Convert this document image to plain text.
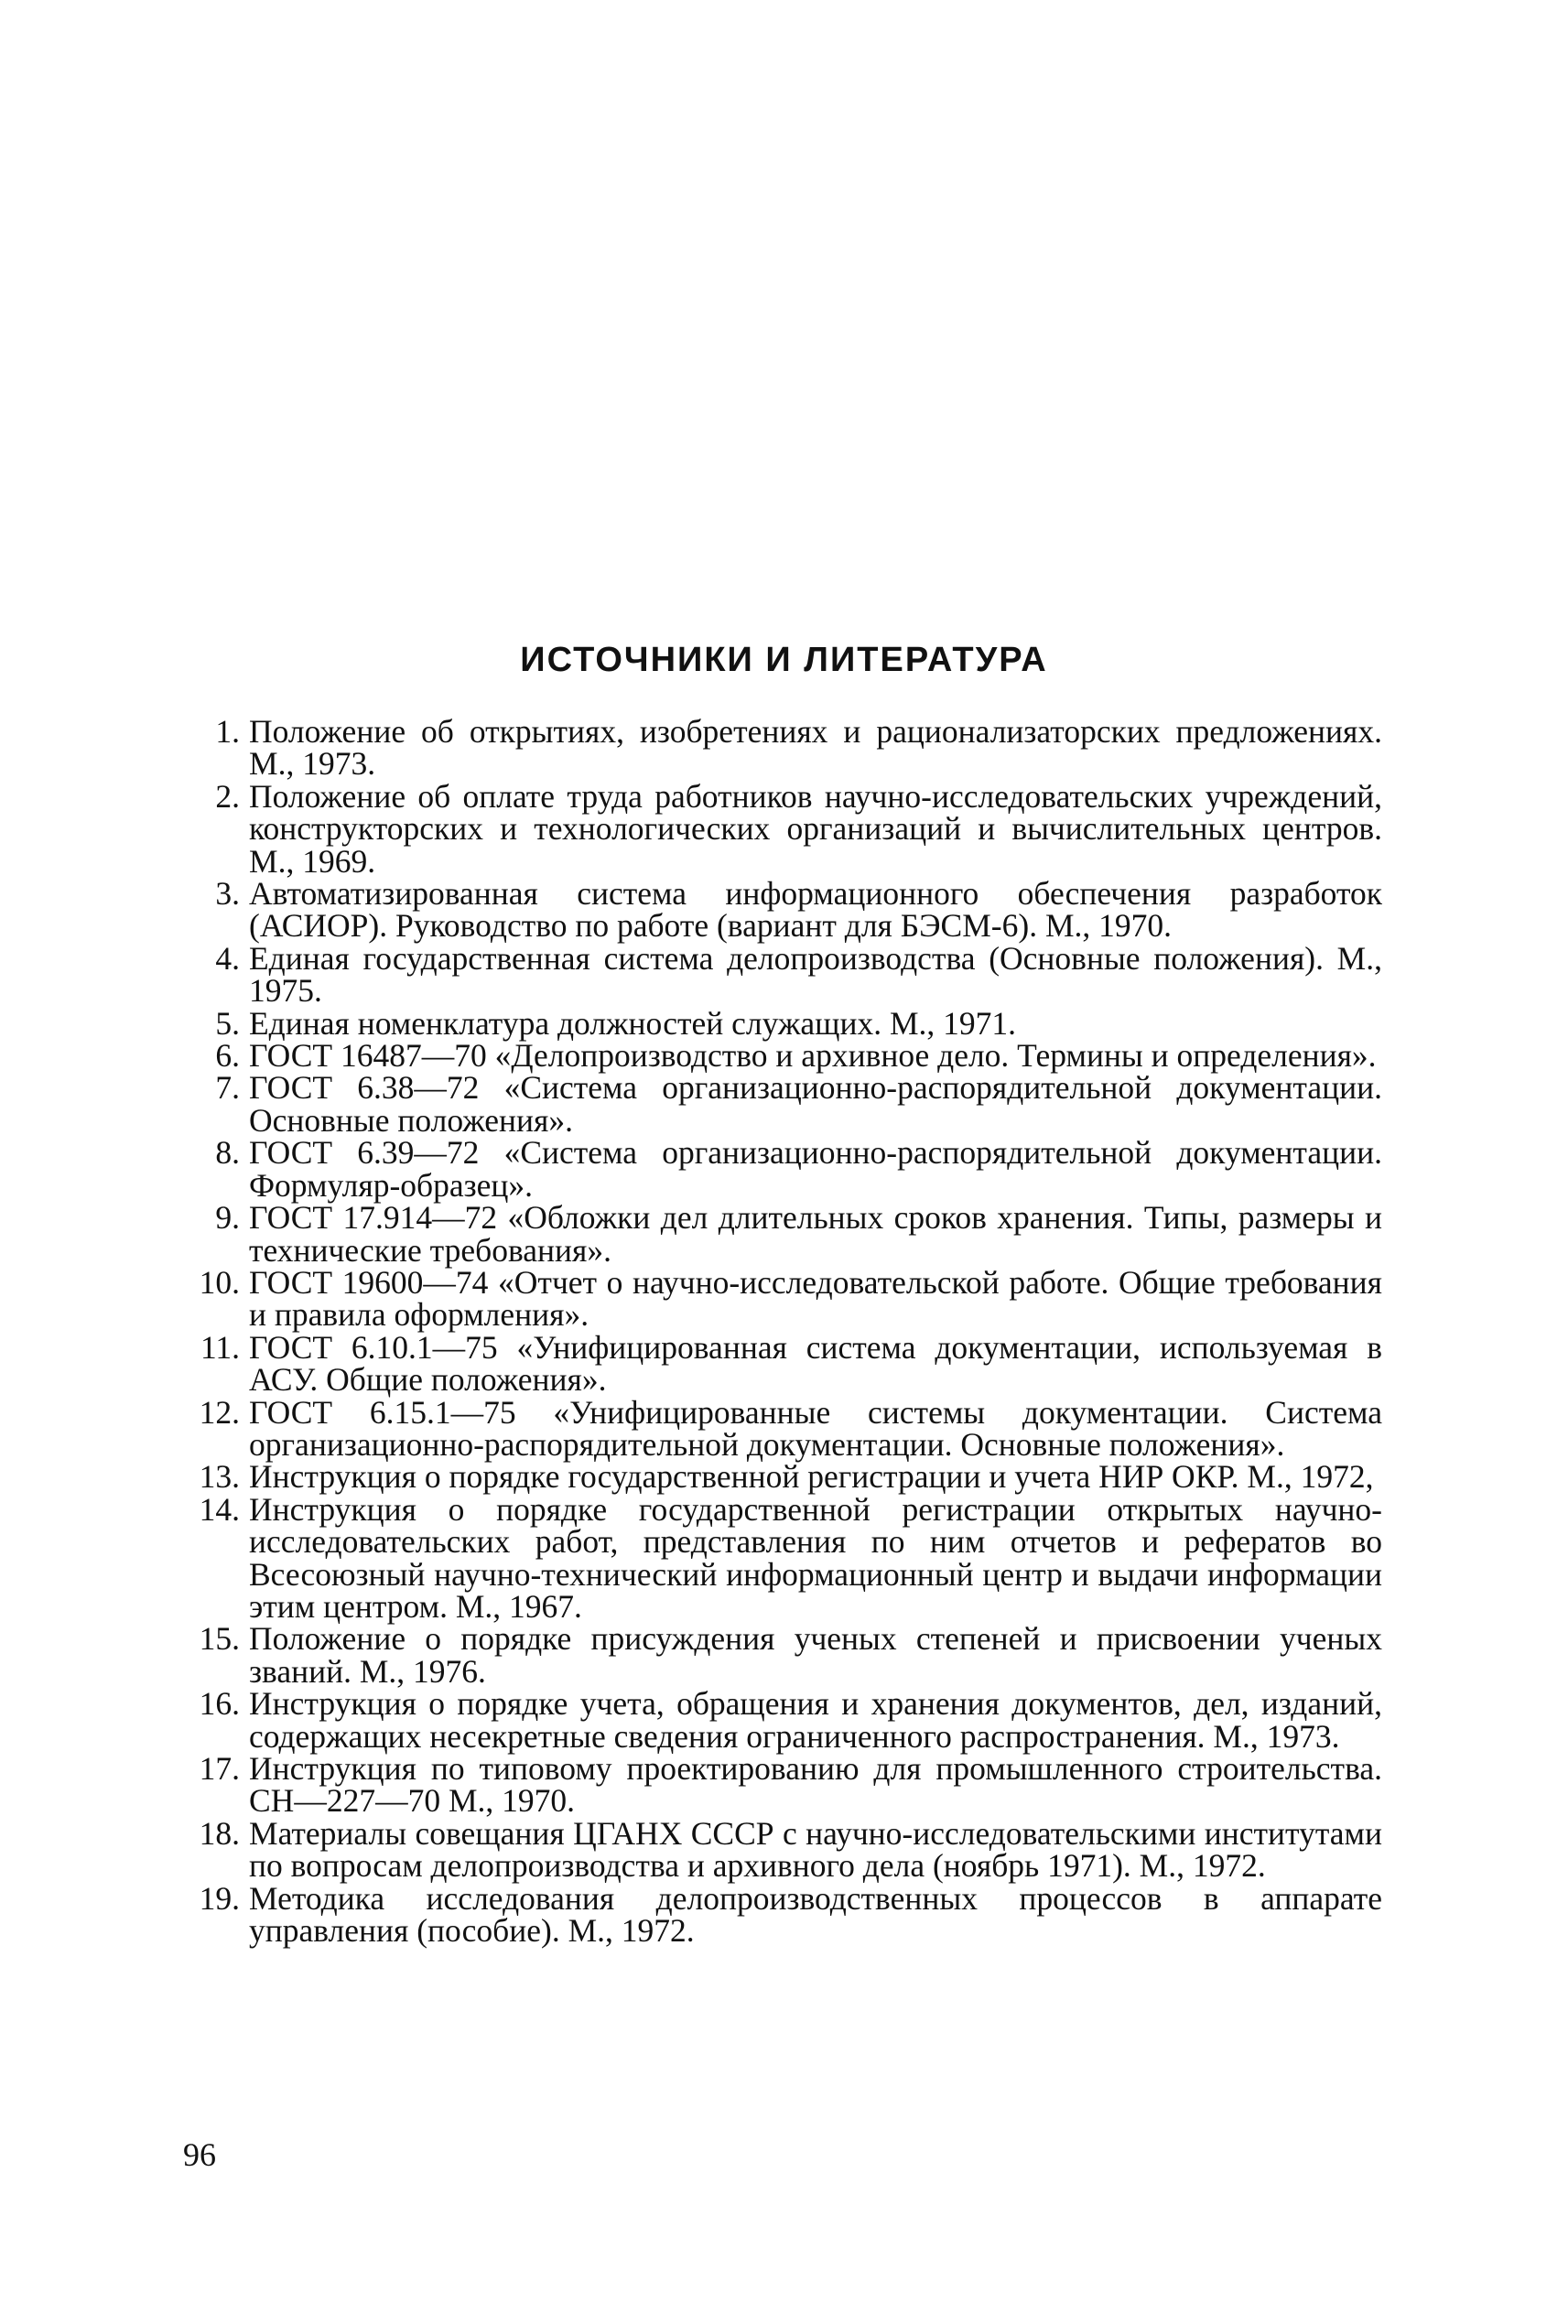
ИСТОЧНИКИ И ЛИТЕРАТУРА
1. Положение об открытиях, изобретениях и рационализаторских предложениях. М., 1973.
2. Положение об оплате труда работников научно-исследовательских учреждений, конструкторских и технологических организаций и вычислительных центров. М., 1969.
3. Автоматизированная система информационного обеспечения разработок (АСИОР). Руководство по работе (вариант для БЭСМ-6). М., 1970.
4. Единая государственная система делопроизводства (Основные положения). М., 1975.
5. Единая номенклатура должностей служащих. М., 1971.
6. ГОСТ 16487—70 «Делопроизводство и архивное дело. Термины и определения».
7. ГОСТ 6.38—72 «Система организационно-распорядительной документации. Основные положения».
8. ГОСТ 6.39—72 «Система организационно-распорядительной документации. Формуляр-образец».
9. ГОСТ 17.914—72 «Обложки дел длительных сроков хранения. Типы, размеры и технические требования».
10. ГОСТ 19600—74 «Отчет о научно-исследовательской работе. Общие требования и правила оформления».
11. ГОСТ 6.10.1—75 «Унифицированная система документации, используемая в АСУ. Общие положения».
12. ГОСТ 6.15.1—75 «Унифицированные системы документации. Система организационно-распорядительной документации. Основные положения».
13. Инструкция о порядке государственной регистрации и учета НИР ОКР. М., 1972,
14. Инструкция о порядке государственной регистрации открытых научно-исследовательских работ, представления по ним отчетов и рефератов во Всесоюзный научно-технический информационный центр и выдачи информации этим центром. М., 1967.
15. Положение о порядке присуждения ученых степеней и присвоении ученых званий. М., 1976.
16. Инструкция о порядке учета, обращения и хранения документов, дел, изданий, содержащих несекретные сведения ограниченного распространения. М., 1973.
17. Инструкция по типовому проектированию для промышленного строительства. СН—227—70 М., 1970.
18. Материалы совещания ЦГАНХ СССР с научно-исследовательскими институтами по вопросам делопроизводства и архивного дела (ноябрь 1971). М., 1972.
19. Методика исследования делопроизводственных процессов в аппарате управления (пособие). М., 1972.
96
